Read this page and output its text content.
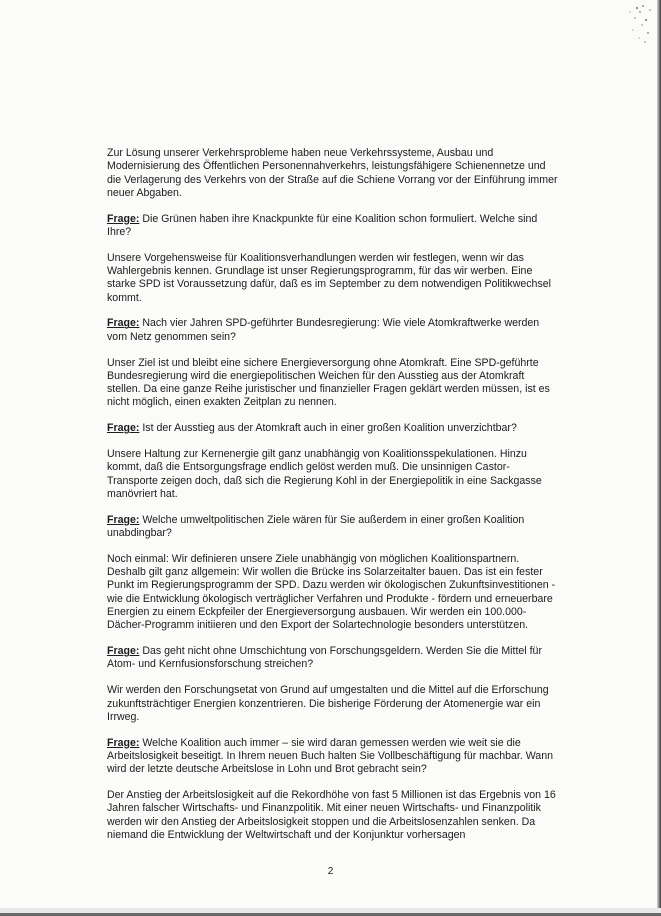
Zur Lösung unserer Verkehrsprobleme haben neue Verkehrssysteme, Ausbau und Modernisierung des Öffentlichen Personennahverkehrs, leistungsfähigere Schienennetze und die Verlagerung des Verkehrs von der Straße auf die Schiene Vorrang vor der Einführung immer neuer Abgaben.

Frage: Die Grünen haben ihre Knackpunkte für eine Koalition schon formuliert. Welche sind Ihre?

Unsere Vorgehensweise für Koalitionsverhandlungen werden wir festlegen, wenn wir das Wahlergebnis kennen. Grundlage ist unser Regierungsprogramm, für das wir werben. Eine starke SPD ist Voraussetzung dafür, daß es im September zu dem notwendigen Politikwechsel kommt.

Frage: Nach vier Jahren SPD-geführter Bundesregierung: Wie viele Atomkraftwerke werden vom Netz genommen sein?

Unser Ziel ist und bleibt eine sichere Energieversorgung ohne Atomkraft. Eine SPD-geführte Bundesregierung wird die energiepolitischen Weichen für den Ausstieg aus der Atomkraft stellen. Da eine ganze Reihe juristischer und finanzieller Fragen geklärt werden müssen, ist es nicht möglich, einen exakten Zeitplan zu nennen.

Frage: Ist der Ausstieg aus der Atomkraft auch in einer großen Koalition unverzichtbar?

Unsere Haltung zur Kernenergie gilt ganz unabhängig von Koalitionsspekulationen. Hinzu kommt, daß die Entsorgungsfrage endlich gelöst werden muß. Die unsinnigen Castor-Transporte zeigen doch, daß sich die Regierung Kohl in der Energiepolitik in eine Sackgasse manövriert hat.

Frage: Welche umweltpolitischen Ziele wären für Sie außerdem in einer großen Koalition unabdingbar?

Noch einmal: Wir definieren unsere Ziele unabhängig von möglichen Koalitionspartnern. Deshalb gilt ganz allgemein: Wir wollen die Brücke ins Solarzeitalter bauen. Das ist ein fester Punkt im Regierungsprogramm der SPD. Dazu werden wir ökologischen Zukunftsinvestitionen - wie die Entwicklung ökologisch verträglicher Verfahren und Produkte - fördern und erneuerbare Energien zu einem Eckpfeiler der Energieversorgung ausbauen. Wir werden ein 100.000-Dächer-Programm initiieren und den Export der Solartechnologie besonders unterstützen.

Frage: Das geht nicht ohne Umschichtung von Forschungsgeldern. Werden Sie die Mittel für Atom- und Kernfusionsforschung streichen?

Wir werden den Forschungsetat von Grund auf umgestalten und die Mittel auf die Erforschung zukunftsträchtiger Energien konzentrieren. Die bisherige Förderung der Atomenergie war ein Irrweg.

Frage: Welche Koalition auch immer – sie wird daran gemessen werden wie weit sie die Arbeitslosigkeit beseitigt. In Ihrem neuen Buch halten Sie Vollbeschäftigung für machbar. Wann wird der letzte deutsche Arbeitslose in Lohn und Brot gebracht sein?

Der Anstieg der Arbeitslosigkeit auf die Rekordhöhe von fast 5 Millionen ist das Ergebnis von 16 Jahren falscher Wirtschafts- und Finanzpolitik. Mit einer neuen Wirtschafts- und Finanzpolitik werden wir den Anstieg der Arbeitslosigkeit stoppen und die Arbeitslosenzahlen senken. Da niemand die Entwicklung der Weltwirtschaft und der Konjunktur vorhersagen

2
